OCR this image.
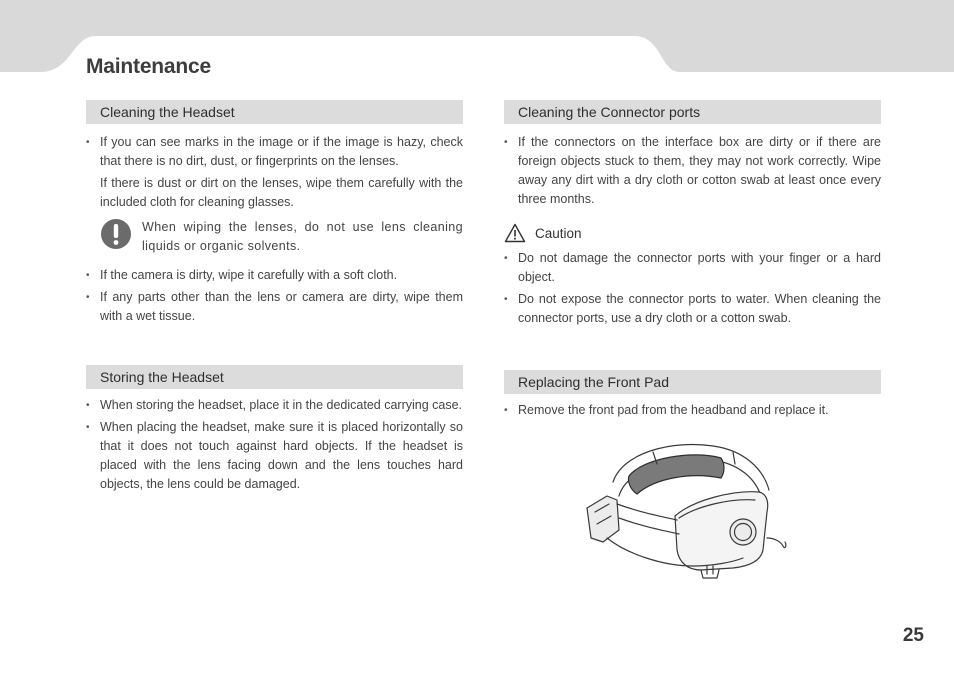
Maintenance
Cleaning the Headset
• If you can see marks in the image or if the image is hazy, check that there is no dirt, dust, or fingerprints on the lenses.

If there is dust or dirt on the lenses, wipe them carefully with the included cloth for cleaning glasses.

When wiping the lenses, do not use lens cleaning liquids or organic solvents.
• If the camera is dirty, wipe it carefully with a soft cloth.
• If any parts other than the lens or camera are dirty, wipe them with a wet tissue.
Storing the Headset
• When storing the headset, place it in the dedicated carrying case.
• When placing the headset, make sure it is placed horizontally so that it does not touch against hard objects. If the headset is placed with the lens facing down and the lens touches hard objects, the lens could be damaged.
Cleaning the Connector ports
• If the connectors on the interface box are dirty or if there are foreign objects stuck to them, they may not work correctly. Wipe away any dirt with a dry cloth or cotton swab at least once every three months.
Caution
• Do not damage the connector ports with your finger or a hard object.
• Do not expose the connector ports to water. When cleaning the connector ports, use a dry cloth or a cotton swab.
Replacing the Front Pad
• Remove the front pad from the headband and replace it.
25
